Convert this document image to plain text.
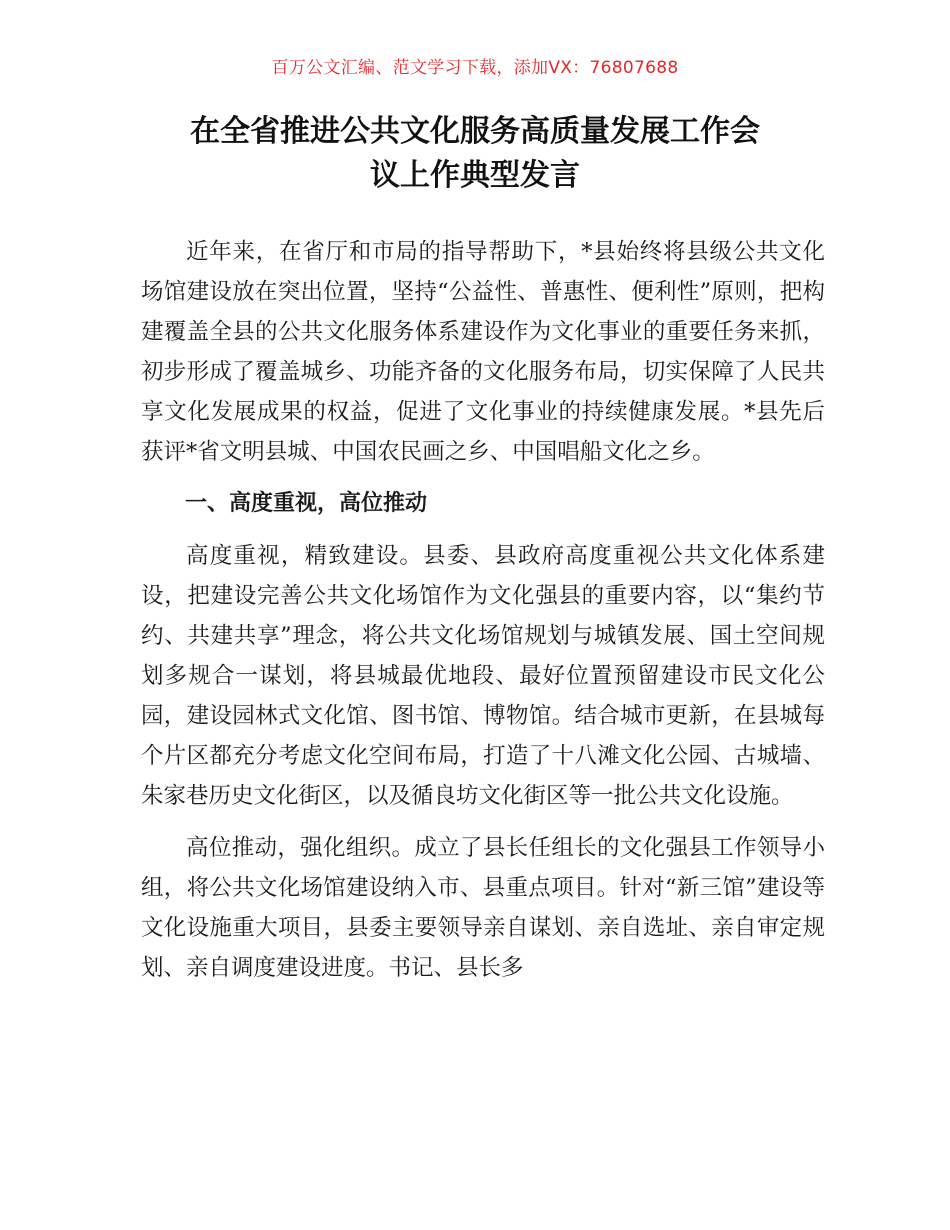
百万公文汇编、范文学习下载，添加VX：76807688
在全省推进公共文化服务高质量发展工作会
议上作典型发言

近年来，在省厅和市局的指导帮助下，*县始终将县级公共文化场馆建设放在突出位置，坚持“公益性、普惠性、便利性”原则，把构建覆盖全县的公共文化服务体系建设作为文化事业的重要任务来抓，初步形成了覆盖城乡、功能齐备的文化服务布局，切实保障了人民共享文化发展成果的权益，促进了文化事业的持续健康发展。*县先后获评*省文明县城、中国农民画之乡、中国唱船文化之乡。

一、高度重视，高位推动

高度重视，精致建设。县委、县政府高度重视公共文化体系建设，把建设完善公共文化场馆作为文化强县的重要内容，以“集约节约、共建共享”理念，将公共文化场馆规划与城镇发展、国土空间规划多规合一谋划，将县城最优地段、最好位置预留建设市民文化公园，建设园林式文化馆、图书馆、博物馆。结合城市更新，在县城每个片区都充分考虑文化空间布局，打造了十八滩文化公园、古城墙、朱家巷历史文化街区，以及循良坊文化街区等一批公共文化设施。

高位推动，强化组织。成立了县长任组长的文化强县工作领导小组，将公共文化场馆建设纳入市、县重点项目。针对“新三馆”建设等文化设施重大项目，县委主要领导亲自谋划、亲自选址、亲自审定规划、亲自调度建设进度。书记、县长多
